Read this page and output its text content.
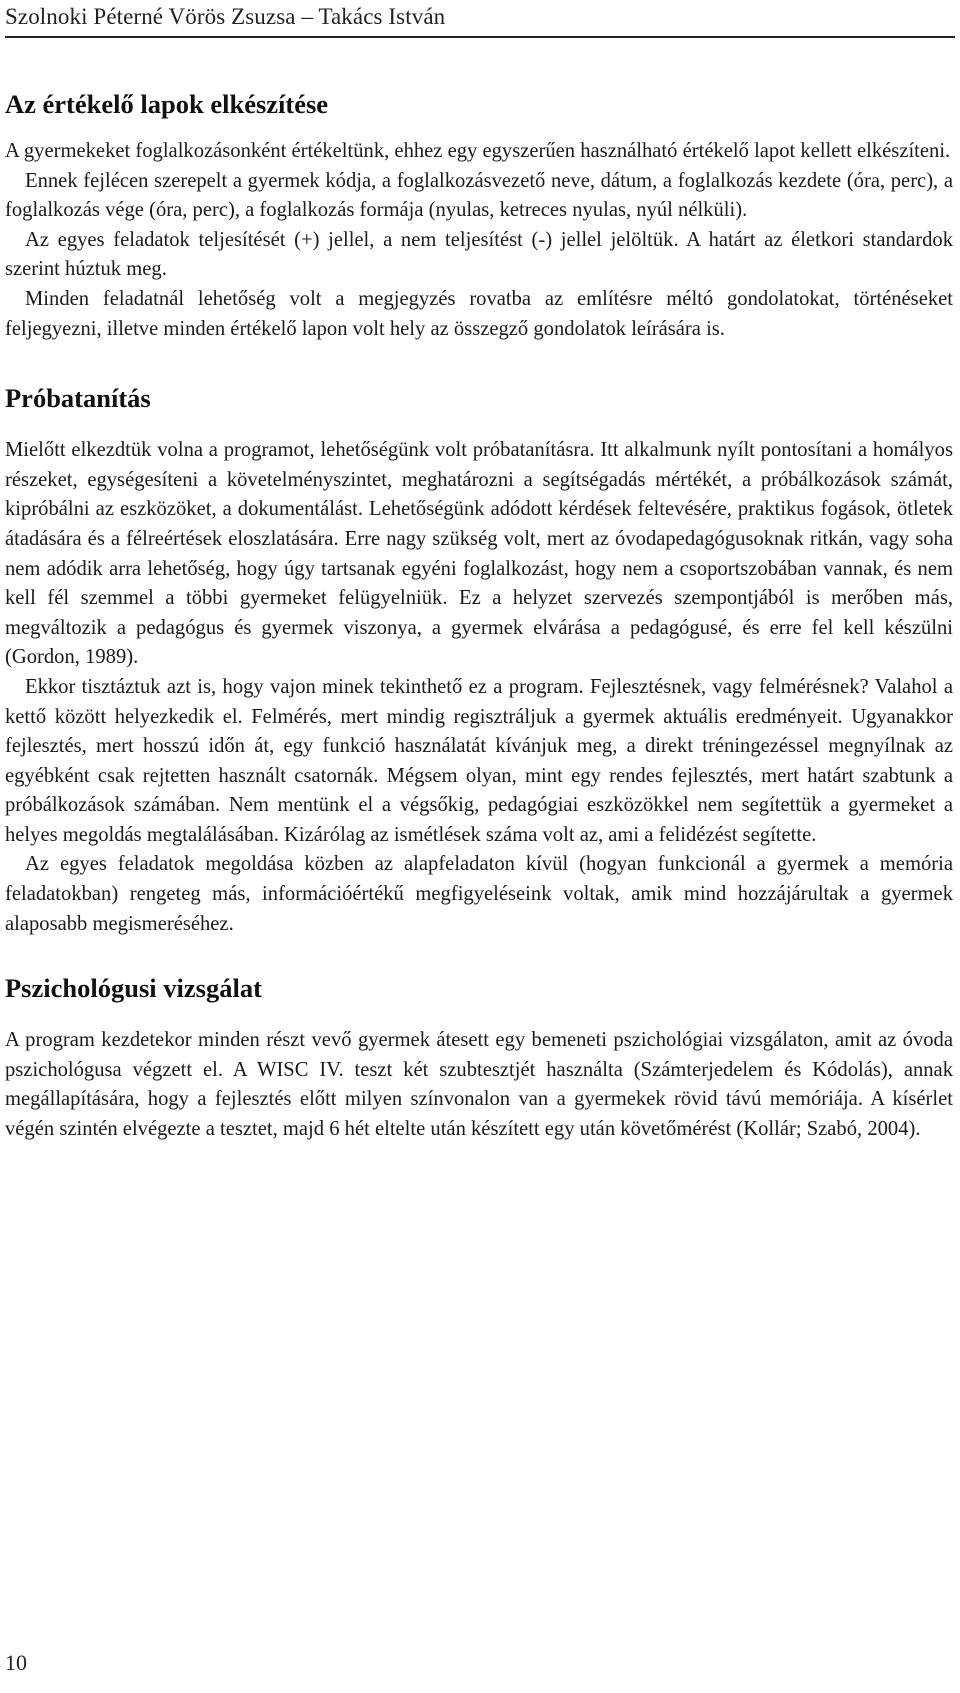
Szolnoki Péterné Vörös Zsuzsa – Takács István
Az értékelő lapok elkészítése

A gyermekeket foglalkozásonként értékeltünk, ehhez egy egyszerűen használható értékelő lapot kellett elkészíteni.

Ennek fejlécen szerepelt a gyermek kódja, a foglalkozásvezető neve, dátum, a foglalkozás kezdete (óra, perc), a foglalkozás vége (óra, perc), a foglalkozás formája (nyulas, ketreces nyulas, nyúl nélküli).

Az egyes feladatok teljesítését (+) jellel, a nem teljesítést (-) jellel jelöltük. A határt az életkori standardok szerint húztuk meg.

Minden feladatnál lehetőség volt a megjegyzés rovatba az említésre méltó gondolatokat, történéseket feljegyezni, illetve minden értékelő lapon volt hely az összegző gondolatok leírására is.

Próbatanítás

Mielőtt elkezdtük volna a programot, lehetőségünk volt próbatanításra. Itt alkalmunk nyílt pontosítani a homályos részeket, egységesíteni a követelményszintet, meghatározni a segítségadás mértékét, a próbálkozások számát, kipróbálni az eszközöket, a dokumentálást. Lehetőségünk adódott kérdések feltevésére, praktikus fogások, ötletek átadására és a félreértések eloszlatására. Erre nagy szükség volt, mert az óvodapedagógusoknak ritkán, vagy soha nem adódik arra lehetőség, hogy úgy tartsanak egyéni foglalkozást, hogy nem a csoportszobában vannak, és nem kell fél szemmel a többi gyermeket felügyelniük. Ez a helyzet szervezés szempontjából is merőben más, megváltozik a pedagógus és gyermek viszonya, a gyermek elvárása a pedagógusé, és erre fel kell készülni (Gordon, 1989).

Ekkor tisztáztuk azt is, hogy vajon minek tekinthető ez a program. Fejlesztésnek, vagy felmérésnek? Valahol a kettő között helyezkedik el. Felmérés, mert mindig regisztráljuk a gyermek aktuális eredményeit. Ugyanakkor fejlesztés, mert hosszú időn át, egy funkció használatát kívánjuk meg, a direkt tréningezéssel megnyílnak az egyébként csak rejtetten használt csatornák. Mégsem olyan, mint egy rendes fejlesztés, mert határt szabtunk a próbálkozások számában. Nem mentünk el a végsőkig, pedagógiai eszközökkel nem segítettük a gyermeket a helyes megoldás megtalálásában. Kizárólag az ismétlések száma volt az, ami a felidézést segítette.

Az egyes feladatok megoldása közben az alapfeladaton kívül (hogyan funkcionál a gyermek a memória feladatokban) rengeteg más, információértékű megfigyeléseink voltak, amik mind hozzájárultak a gyermek alaposabb megismeréséhez.

Pszichológusi vizsgálat

A program kezdetekor minden részt vevő gyermek átesett egy bemeneti pszichológiai vizsgálaton, amit az óvoda pszichológusa végzett el. A WISC IV. teszt két szubtesztjét használta (Számterjedelem és Kódolás), annak megállapítására, hogy a fejlesztés előtt milyen színvonalon van a gyermekek rövid távú memóriája. A kísérlet végén szintén elvégezte a tesztet, majd 6 hét eltelte után készített egy után követőmérést (Kollár; Szabó, 2004).

10
